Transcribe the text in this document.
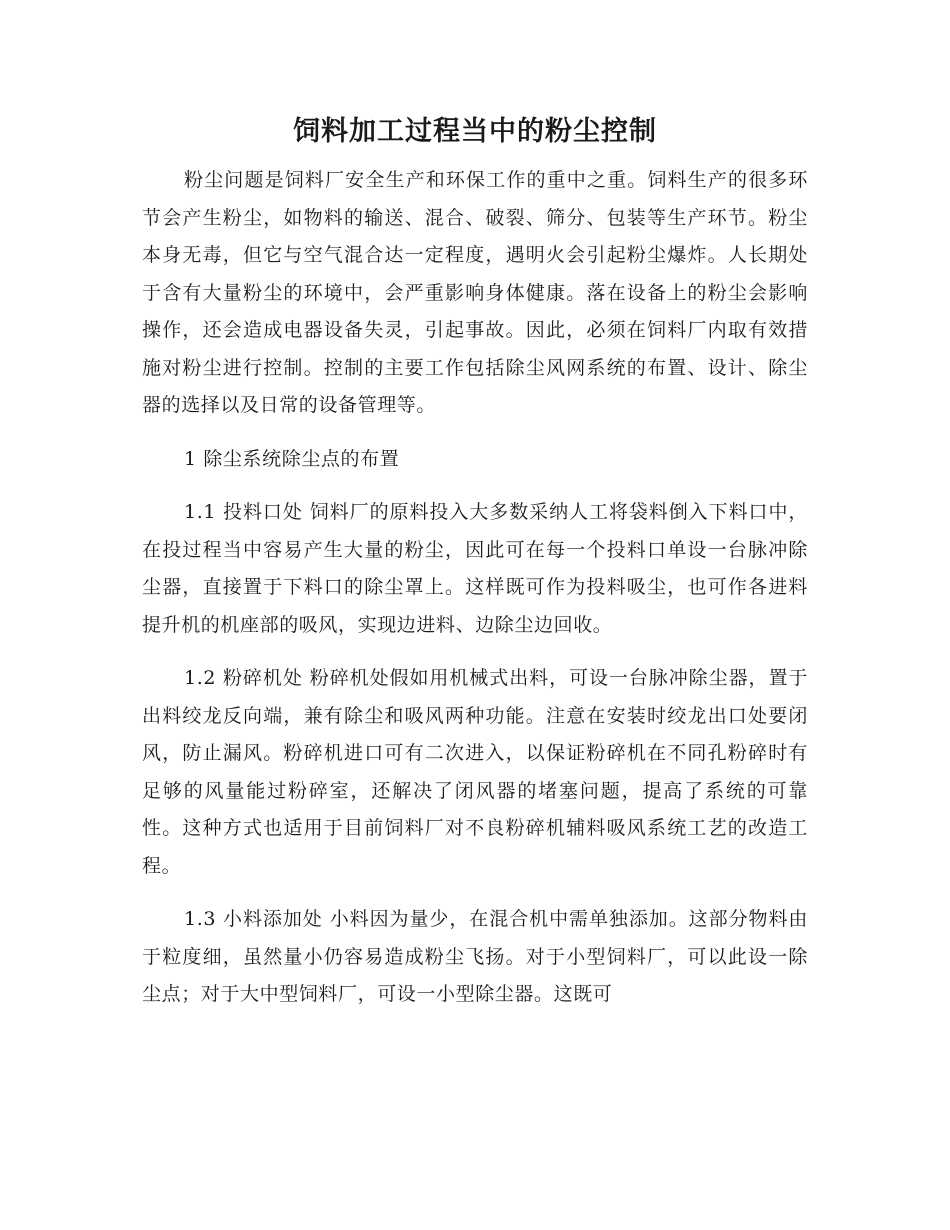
饲料加工过程当中的粉尘控制

粉尘问题是饲料厂安全生产和环保工作的重中之重。饲料生产的很多环节会产生粉尘，如物料的输送、混合、破裂、筛分、包装等生产环节。粉尘本身无毒，但它与空气混合达一定程度，遇明火会引起粉尘爆炸。人长期处于含有大量粉尘的环境中，会严重影响身体健康。落在设备上的粉尘会影响操作，还会造成电器设备失灵，引起事故。因此，必须在饲料厂内取有效措施对粉尘进行控制。控制的主要工作包括除尘风网系统的布置、设计、除尘器的选择以及日常的设备管理等。

1 除尘系统除尘点的布置

1.1 投料口处 饲料厂的原料投入大多数采纳人工将袋料倒入下料口中，在投过程当中容易产生大量的粉尘，因此可在每一个投料口单设一台脉冲除尘器，直接置于下料口的除尘罩上。这样既可作为投料吸尘，也可作各进料提升机的机座部的吸风，实现边进料、边除尘边回收。

1.2 粉碎机处 粉碎机处假如用机械式出料，可设一台脉冲除尘器，置于出料绞龙反向端，兼有除尘和吸风两种功能。注意在安装时绞龙出口处要闭风，防止漏风。粉碎机进口可有二次进入，以保证粉碎机在不同孔粉碎时有足够的风量能过粉碎室，还解决了闭风器的堵塞问题，提高了系统的可靠性。这种方式也适用于目前饲料厂对不良粉碎机辅料吸风系统工艺的改造工程。

1.3 小料添加处 小料因为量少，在混合机中需单独添加。这部分物料由于粒度细，虽然量小仍容易造成粉尘飞扬。对于小型饲料厂，可以此设一除尘点；对于大中型饲料厂，可设一小型除尘器。这既可
